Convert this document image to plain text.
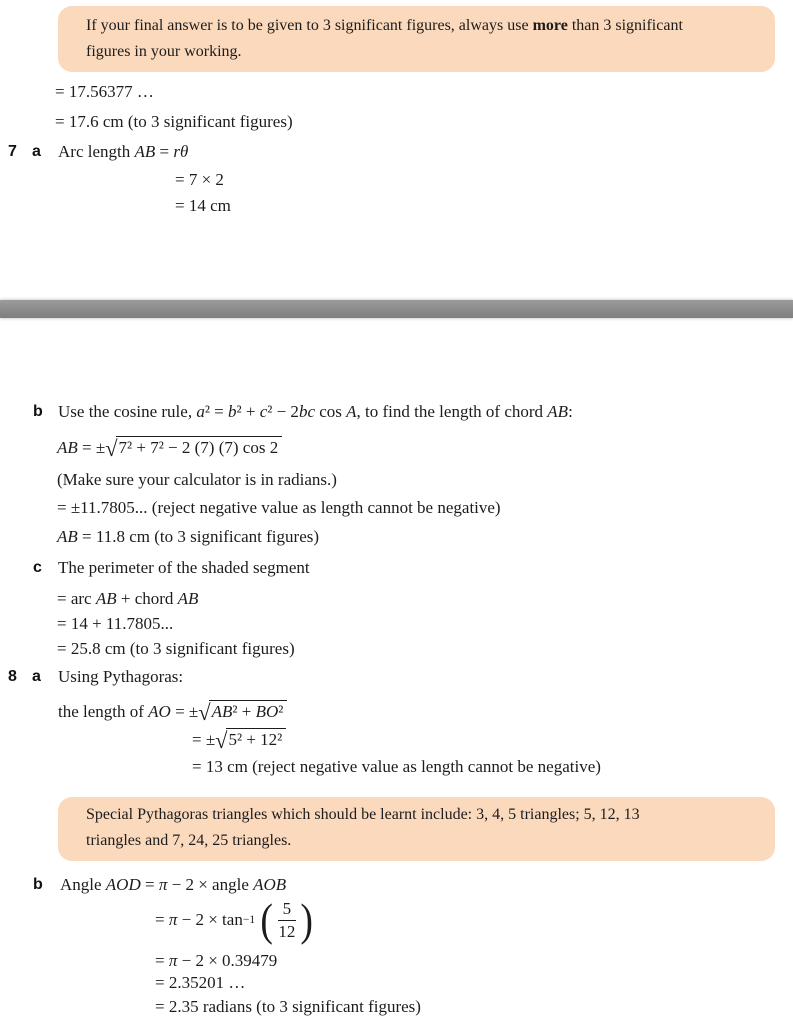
If your final answer is to be given to 3 significant figures, always use more than 3 significant
figures in your working.
= 17.56377 …
= 17.6 cm (to 3 significant figures)
7 a Arc length AB = rθ
= 7 × 2
= 14 cm
b Use the cosine rule, a² = b² + c² − 2bc cos A, to find the length of chord AB:
AB = ±√ 7² + 7² − 2 (7) (7) cos 2
(Make sure your calculator is in radians.)
= ±11.7805... (reject negative value as length cannot be negative)
AB = 11.8 cm (to 3 significant figures)
c The perimeter of the shaded segment
= arc AB + chord AB
= 14 + 11.7805...
= 25.8 cm (to 3 significant figures)
8 a Using Pythagoras:
the length of AO = ±√ AB² + BO²
= ±√ 5² + 12²
= 13 cm (reject negative value as length cannot be negative)
Special Pythagoras triangles which should be learnt include: 3, 4, 5 triangles; 5, 12, 13
triangles and 7, 24, 25 triangles.
b Angle AOD = π − 2 × angle AOB
= π − 2 × tan −1
( 5
12 )
= π − 2 × 0.39479
= 2.35201 …
= 2.35 radians (to 3 significant figures)
